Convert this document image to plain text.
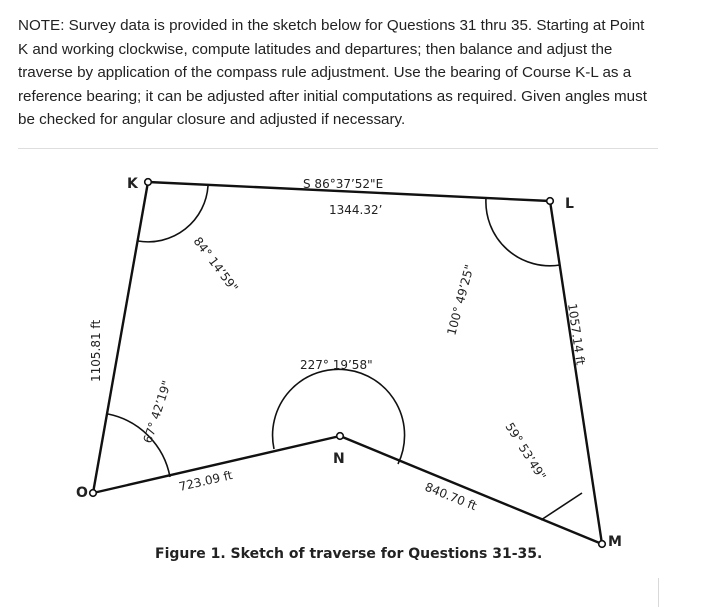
NOTE: Survey data is provided in the sketch below for Questions 31 thru 35. Starting at Point K and working clockwise, compute latitudes and departures; then balance and adjust the traverse by application of the compass rule adjustment. Use the bearing of Course K-L as a reference bearing; it can be adjusted after initial computations as required. Given angles must be checked for angular closure and adjusted if necessary.

K
L
M
N
O
S 86°37’52"E
1344.32’
84° 14’59"	100° 49’25"
59° 53’49"
227° 19’58"
67° 42’19"
723.09 ft	840.70 ft
1057.14 ft
1105.81 ft
Figure 1. Sketch of traverse for Questions 31-35.
